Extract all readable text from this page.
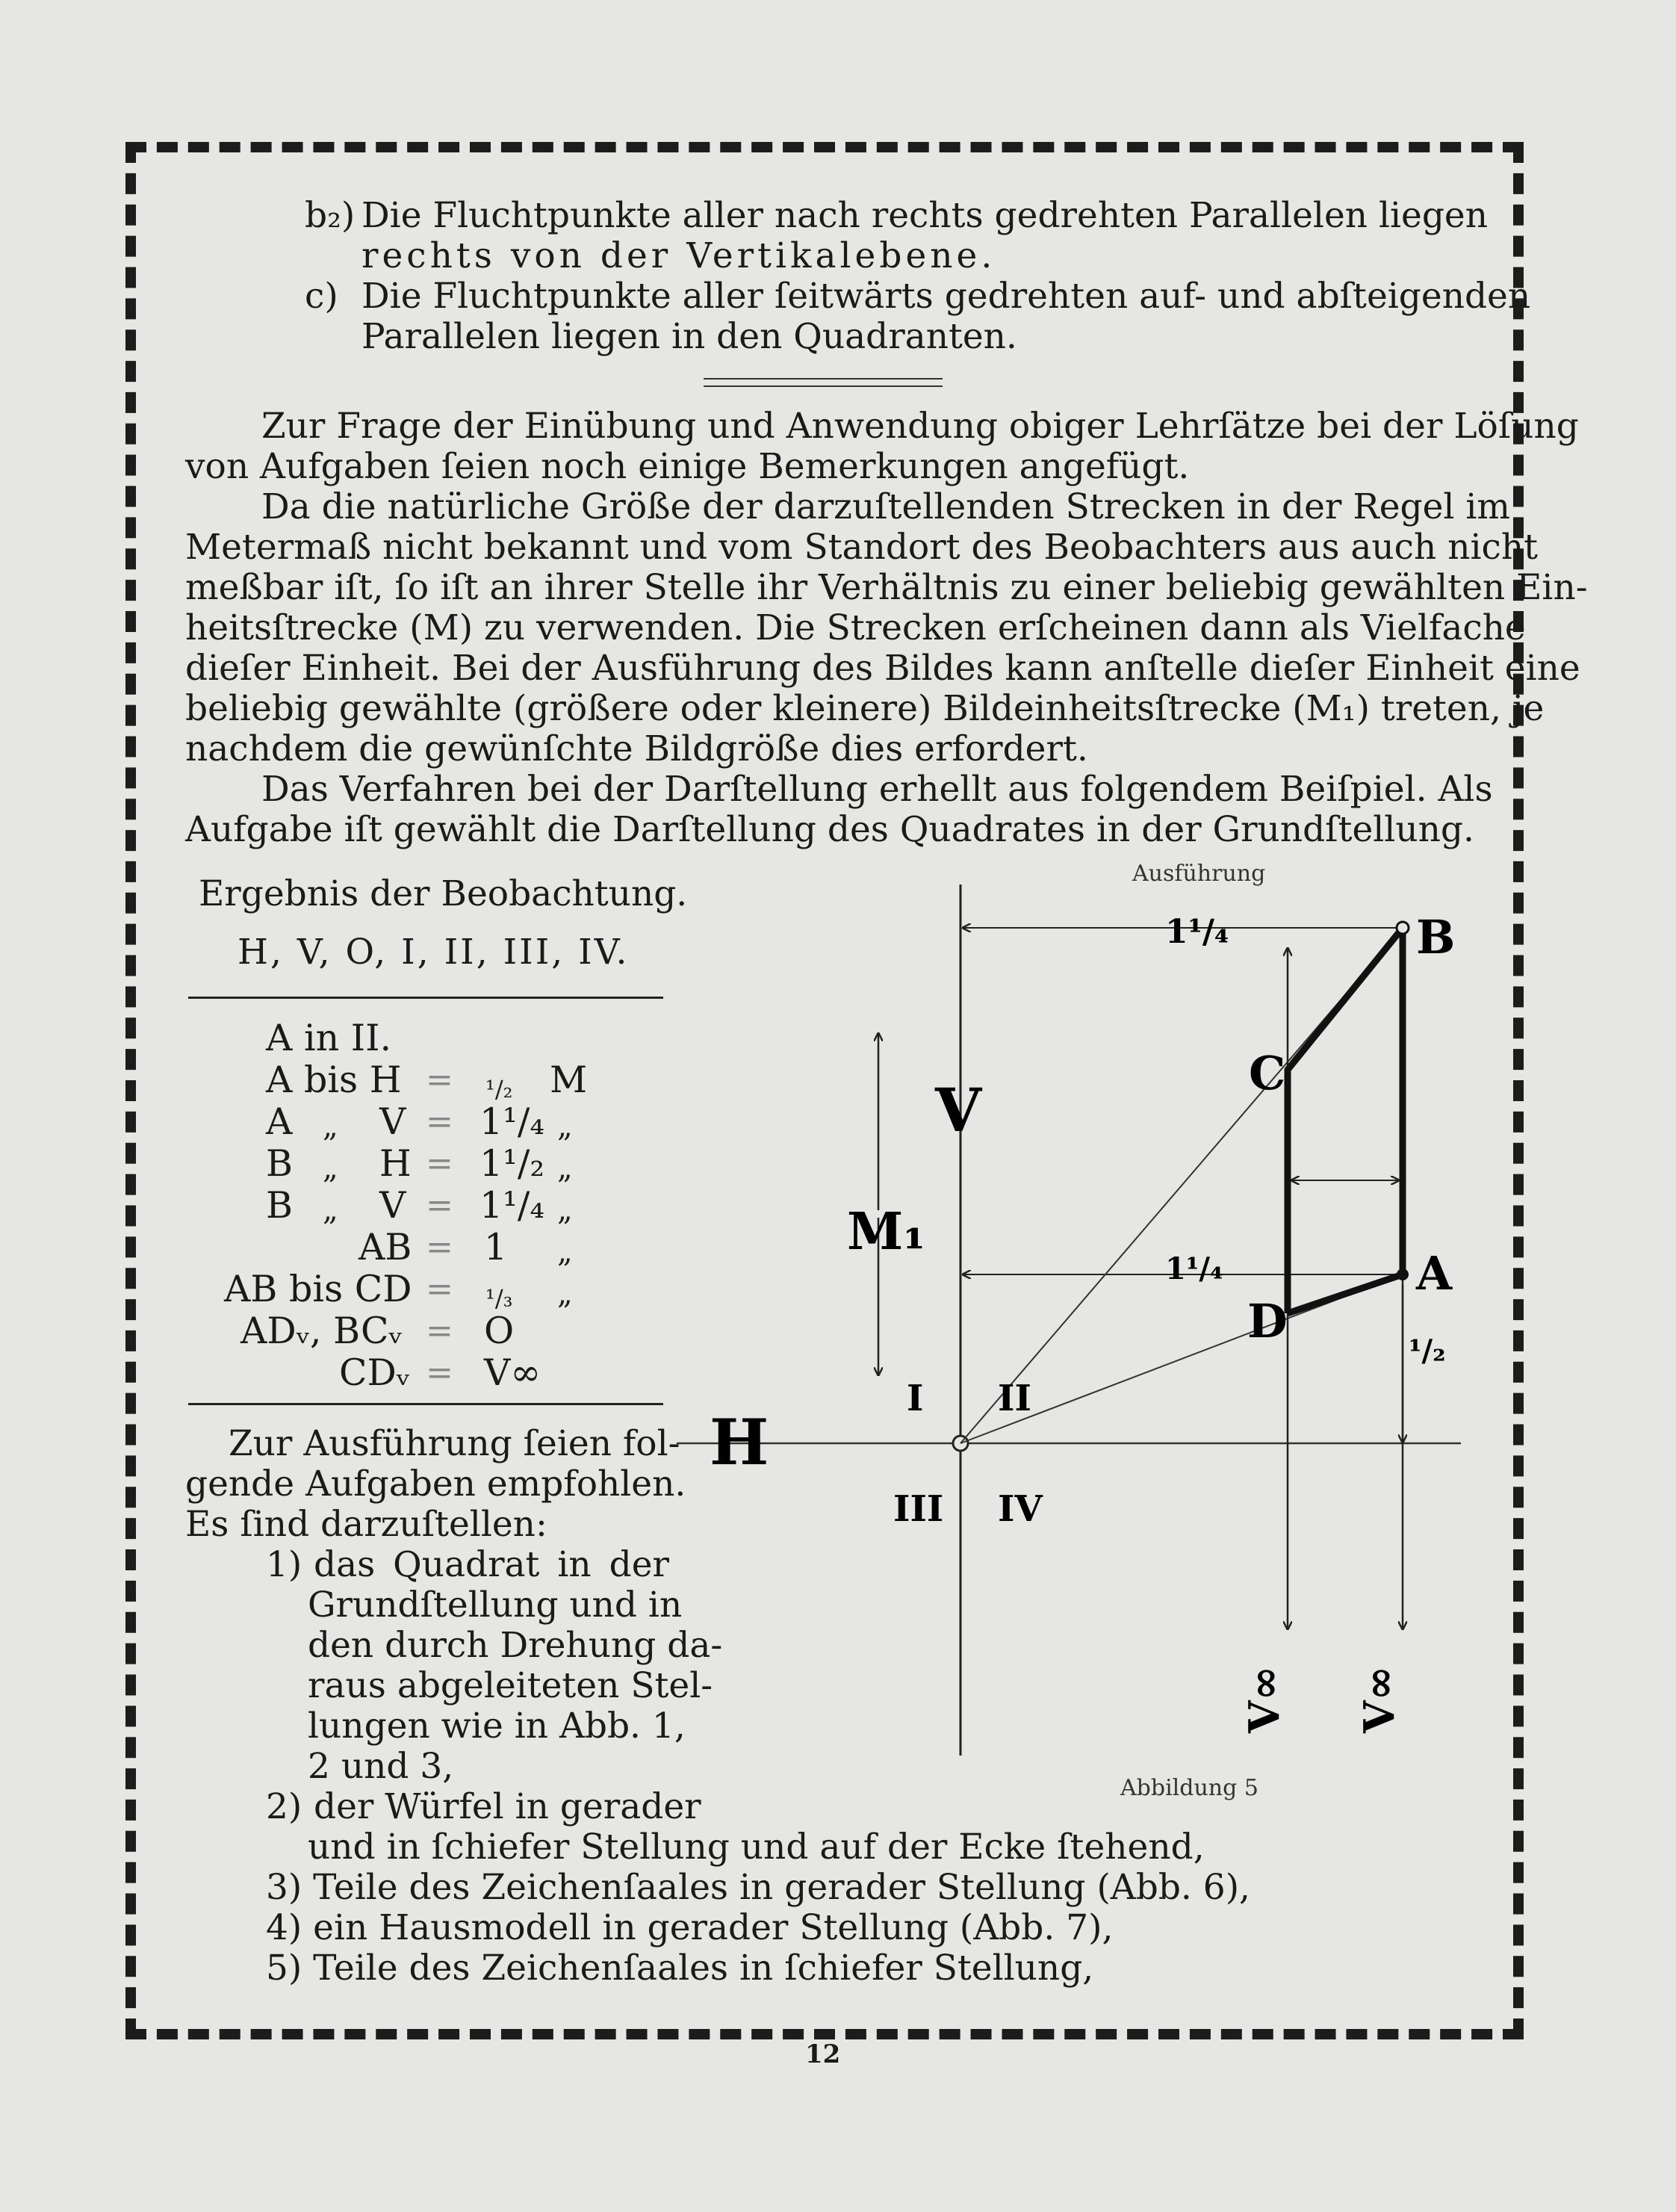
b₂) Die Fluchtpunkte aller nach rechts gedrehten Parallelen liegen
rechts von der Vertikalebene.
c) Die Fluchtpunkte aller ſeitwärts gedrehten auf- und abſteigenden
Parallelen liegen in den Quadranten.
Zur Frage der Einübung und Anwendung obiger Lehrſätze bei der Löſung
von Aufgaben ſeien noch einige Bemerkungen angefügt.
Da die natürliche Größe der darzuſtellenden Strecken in der Regel im
Metermaß nicht bekannt und vom Standort des Beobachters aus auch nicht
meßbar iſt, ſo iſt an ihrer Stelle ihr Verhältnis zu einer beliebig gewählten Ein-
heitsſtrecke (M) zu verwenden. Die Strecken erſcheinen dann als Vielfache
dieſer Einheit. Bei der Ausführung des Bildes kann anſtelle dieſer Einheit eine
beliebig gewählte (größere oder kleinere) Bildeinheitsſtrecke (M₁) treten, je
nachdem die gewünſchte Bildgröße dies erfordert.
Das Verfahren bei der Darſtellung erhellt aus folgendem Beiſpiel. Als
Aufgabe iſt gewählt die Darſtellung des Quadrates in der Grundſtellung.
Ergebnis der Beobachtung.
H, V, O, I, II, III, IV.
A in II.
A bis H = ¹/₂ M
A „ V = 1¹/₄ „
B „ H = 1¹/₂ „
B „ V = 1¹/₄ „
AB = 1 „
AB bis CD = ¹/₃ „
ADᵥ, BCᵥ = O
CDᵥ = V∞
Zur Ausführung ſeien fol-
gende Aufgaben empfohlen.
Es ſind darzuſtellen:
1) das Quadrat in der
Grundſtellung und in
den durch Drehung da-
raus abgeleiteten Stel-
lungen wie in Abb. 1,
2 und 3,
2) der Würfel in gerader
und in ſchiefer Stellung und auf der Ecke ſtehend,
3) Teile des Zeichenſaales in gerader Stellung (Abb. 6),
4) ein Hausmodell in gerader Stellung (Abb. 7),
5) Teile des Zeichenſaales in ſchiefer Stellung,
Ausführung
Abbildung 5
1¹/₄
1¹/₄
¹/₂
V
M₁
H
I II
III IV
A
B
C
D
V∞ V∞
12
